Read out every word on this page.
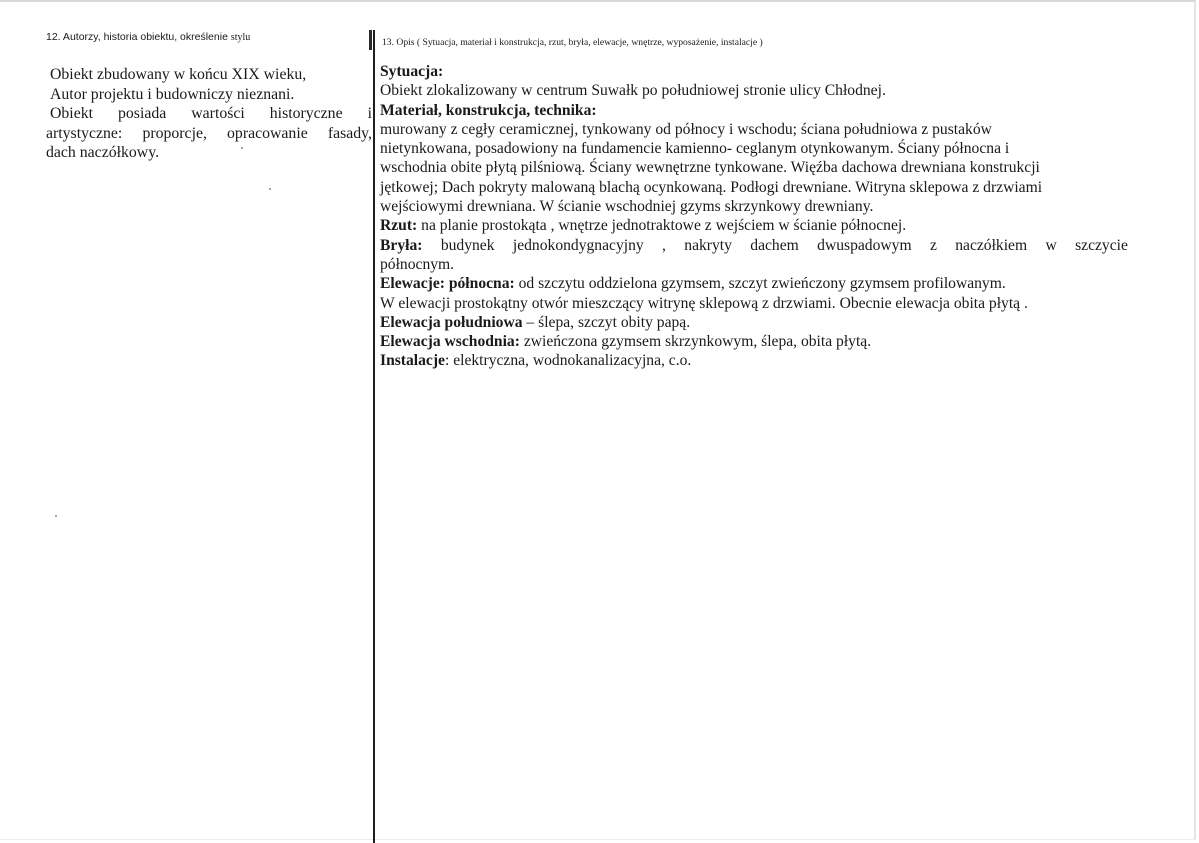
12. Autorzy, historia obiektu, określenie stylu
Obiekt zbudowany w końcu XIX wieku,
Autor projektu i budowniczy nieznani.
Obiekt posiada wartości historyczne i
artystyczne: proporcje, opracowanie fasady,
dach naczółkowy.
13. Opis ( Sytuacja, materiał i konstrukcja, rzut, bryła, elewacje, wnętrze, wyposażenie, instalacje )
Sytuacja:
Obiekt zlokalizowany w centrum Suwałk po południowej stronie ulicy Chłodnej.
Materiał, konstrukcja, technika:
murowany z cegły ceramicznej, tynkowany od północy i wschodu; ściana południowa z pustaków
nietynkowana, posadowiony na fundamencie kamienno- ceglanym otynkowanym. Ściany północna i
wschodnia obite płytą pilśniową. Ściany wewnętrzne tynkowane. Więźba dachowa drewniana konstrukcji
jętkowej; Dach pokryty malowaną blachą ocynkowaną. Podłogi drewniane. Witryna sklepowa z drzwiami
wejściowymi drewniana. W ścianie wschodniej gzyms skrzynkowy drewniany.
Rzut: na planie prostokąta , wnętrze jednotraktowe z wejściem w ścianie północnej.
Bryła: budynek jednokondygnacyjny , nakryty dachem dwuspadowym z naczółkiem w szczycie
północnym.
Elewacje: północna: od szczytu oddzielona gzymsem, szczyt zwieńczony gzymsem profilowanym.
W elewacji prostokątny otwór mieszczący witrynę sklepową z drzwiami. Obecnie elewacja obita płytą .
Elewacja południowa – ślepa, szczyt obity papą.
Elewacja wschodnia: zwieńczona gzymsem skrzynkowym, ślepa, obita płytą.
Instalacje: elektryczna, wodnokanalizacyjna, c.o.
